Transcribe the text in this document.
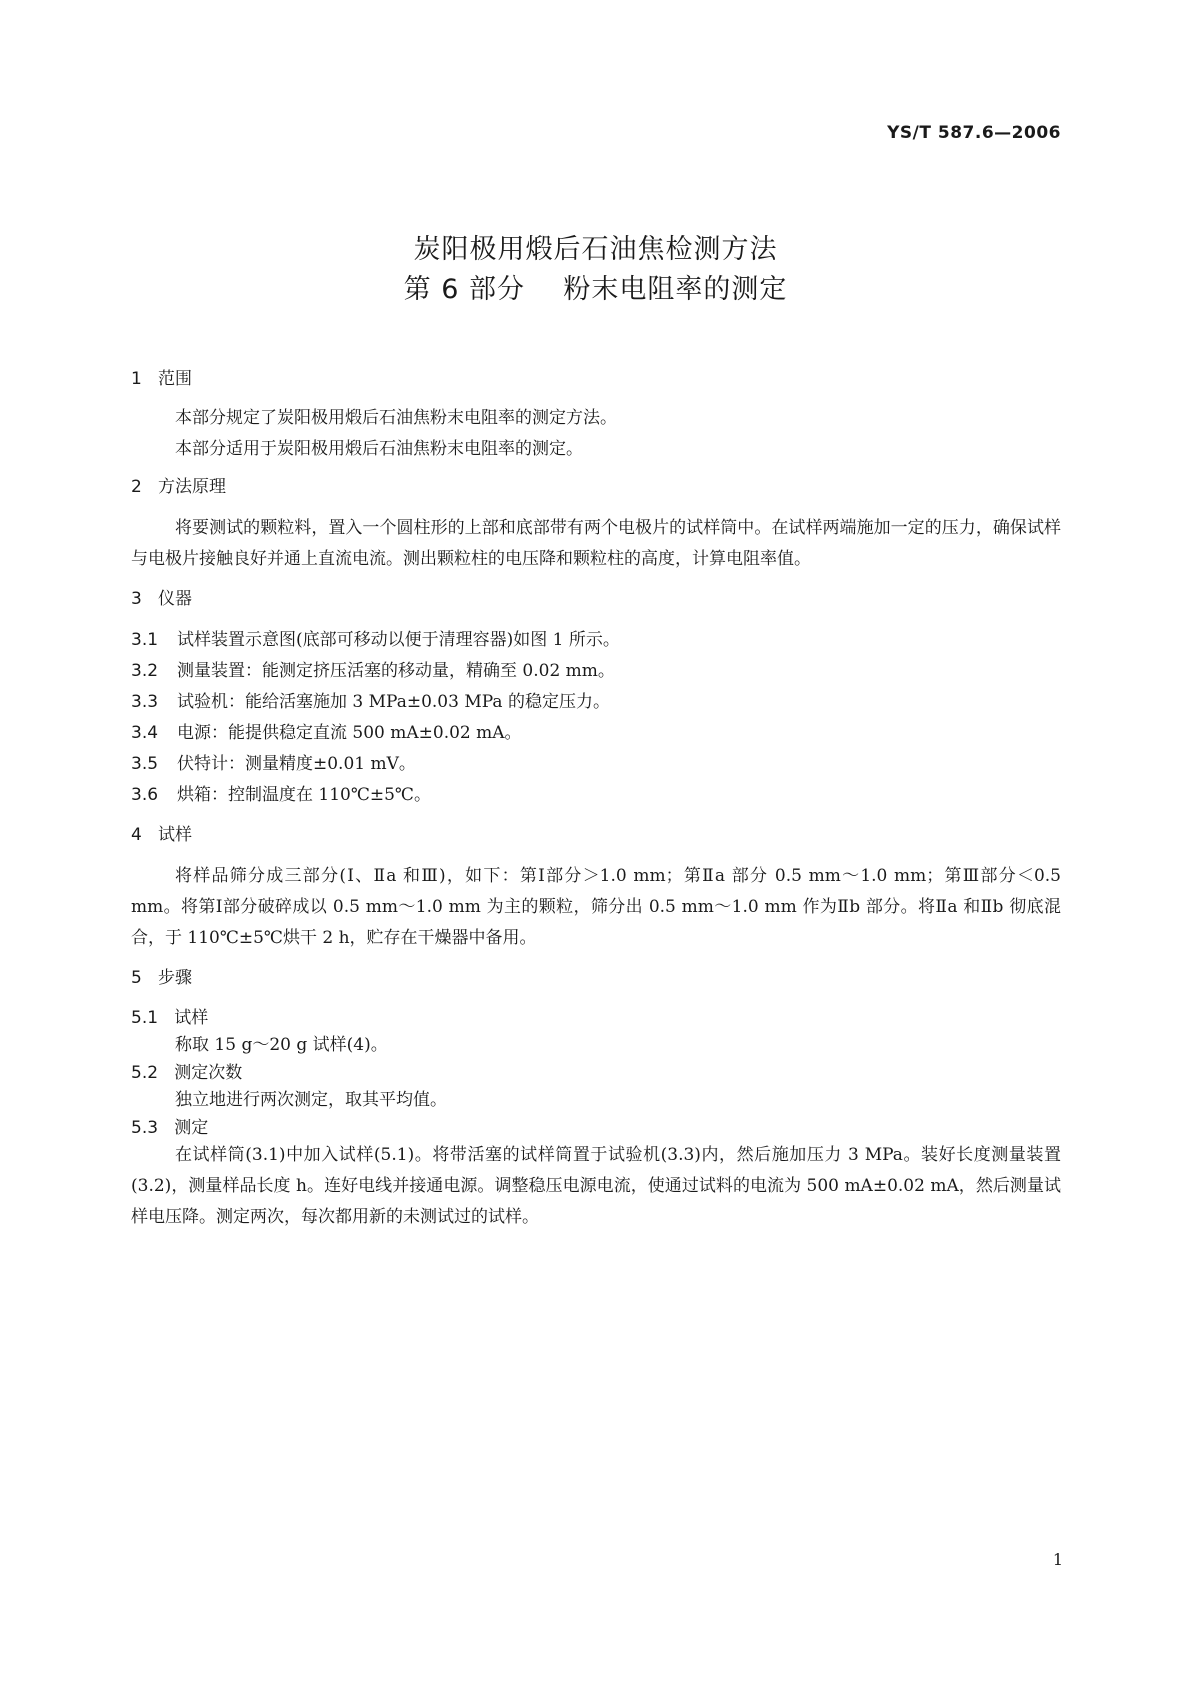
YS/T 587.6—2006
炭阳极用煅后石油焦检测方法
第 6 部分    粉末电阻率的测定
1   范围
本部分规定了炭阳极用煅后石油焦粉末电阻率的测定方法。
本部分适用于炭阳极用煅后石油焦粉末电阻率的测定。
2   方法原理
将要测试的颗粒料，置入一个圆柱形的上部和底部带有两个电极片的试样筒中。在试样两端施加一定的压力，确保试样与电极片接触良好并通上直流电流。测出颗粒柱的电压降和颗粒柱的高度，计算电阻率值。
3   仪器
3.1 试样装置示意图(底部可移动以便于清理容器)如图 1 所示。
3.2 测量装置：能测定挤压活塞的移动量，精确至 0.02 mm。
3.3 试验机：能给活塞施加 3 MPa±0.03 MPa 的稳定压力。
3.4 电源：能提供稳定直流 500 mA±0.02 mA。
3.5 伏特计：测量精度±0.01 mV。
3.6 烘箱：控制温度在 110℃±5℃。
4   试样
将样品筛分成三部分(Ⅰ、Ⅱa 和Ⅲ)，如下：第Ⅰ部分＞1.0 mm；第Ⅱa 部分 0.5 mm～1.0 mm；第Ⅲ部分＜0.5 mm。将第Ⅰ部分破碎成以 0.5 mm～1.0 mm 为主的颗粒，筛分出 0.5 mm～1.0 mm 作为Ⅱb 部分。将Ⅱa 和Ⅱb 彻底混合，于 110℃±5℃烘干 2 h，贮存在干燥器中备用。
5   步骤
5.1   试样
称取 15 g～20 g 试样(4)。
5.2   测定次数
独立地进行两次测定，取其平均值。
5.3   测定
在试样筒(3.1)中加入试样(5.1)。将带活塞的试样筒置于试验机(3.3)内，然后施加压力 3 MPa。装好长度测量装置(3.2)，测量样品长度 h。连好电线并接通电源。调整稳压电源电流，使通过试料的电流为 500 mA±0.02 mA，然后测量试样电压降。测定两次，每次都用新的未测试过的试样。
1
